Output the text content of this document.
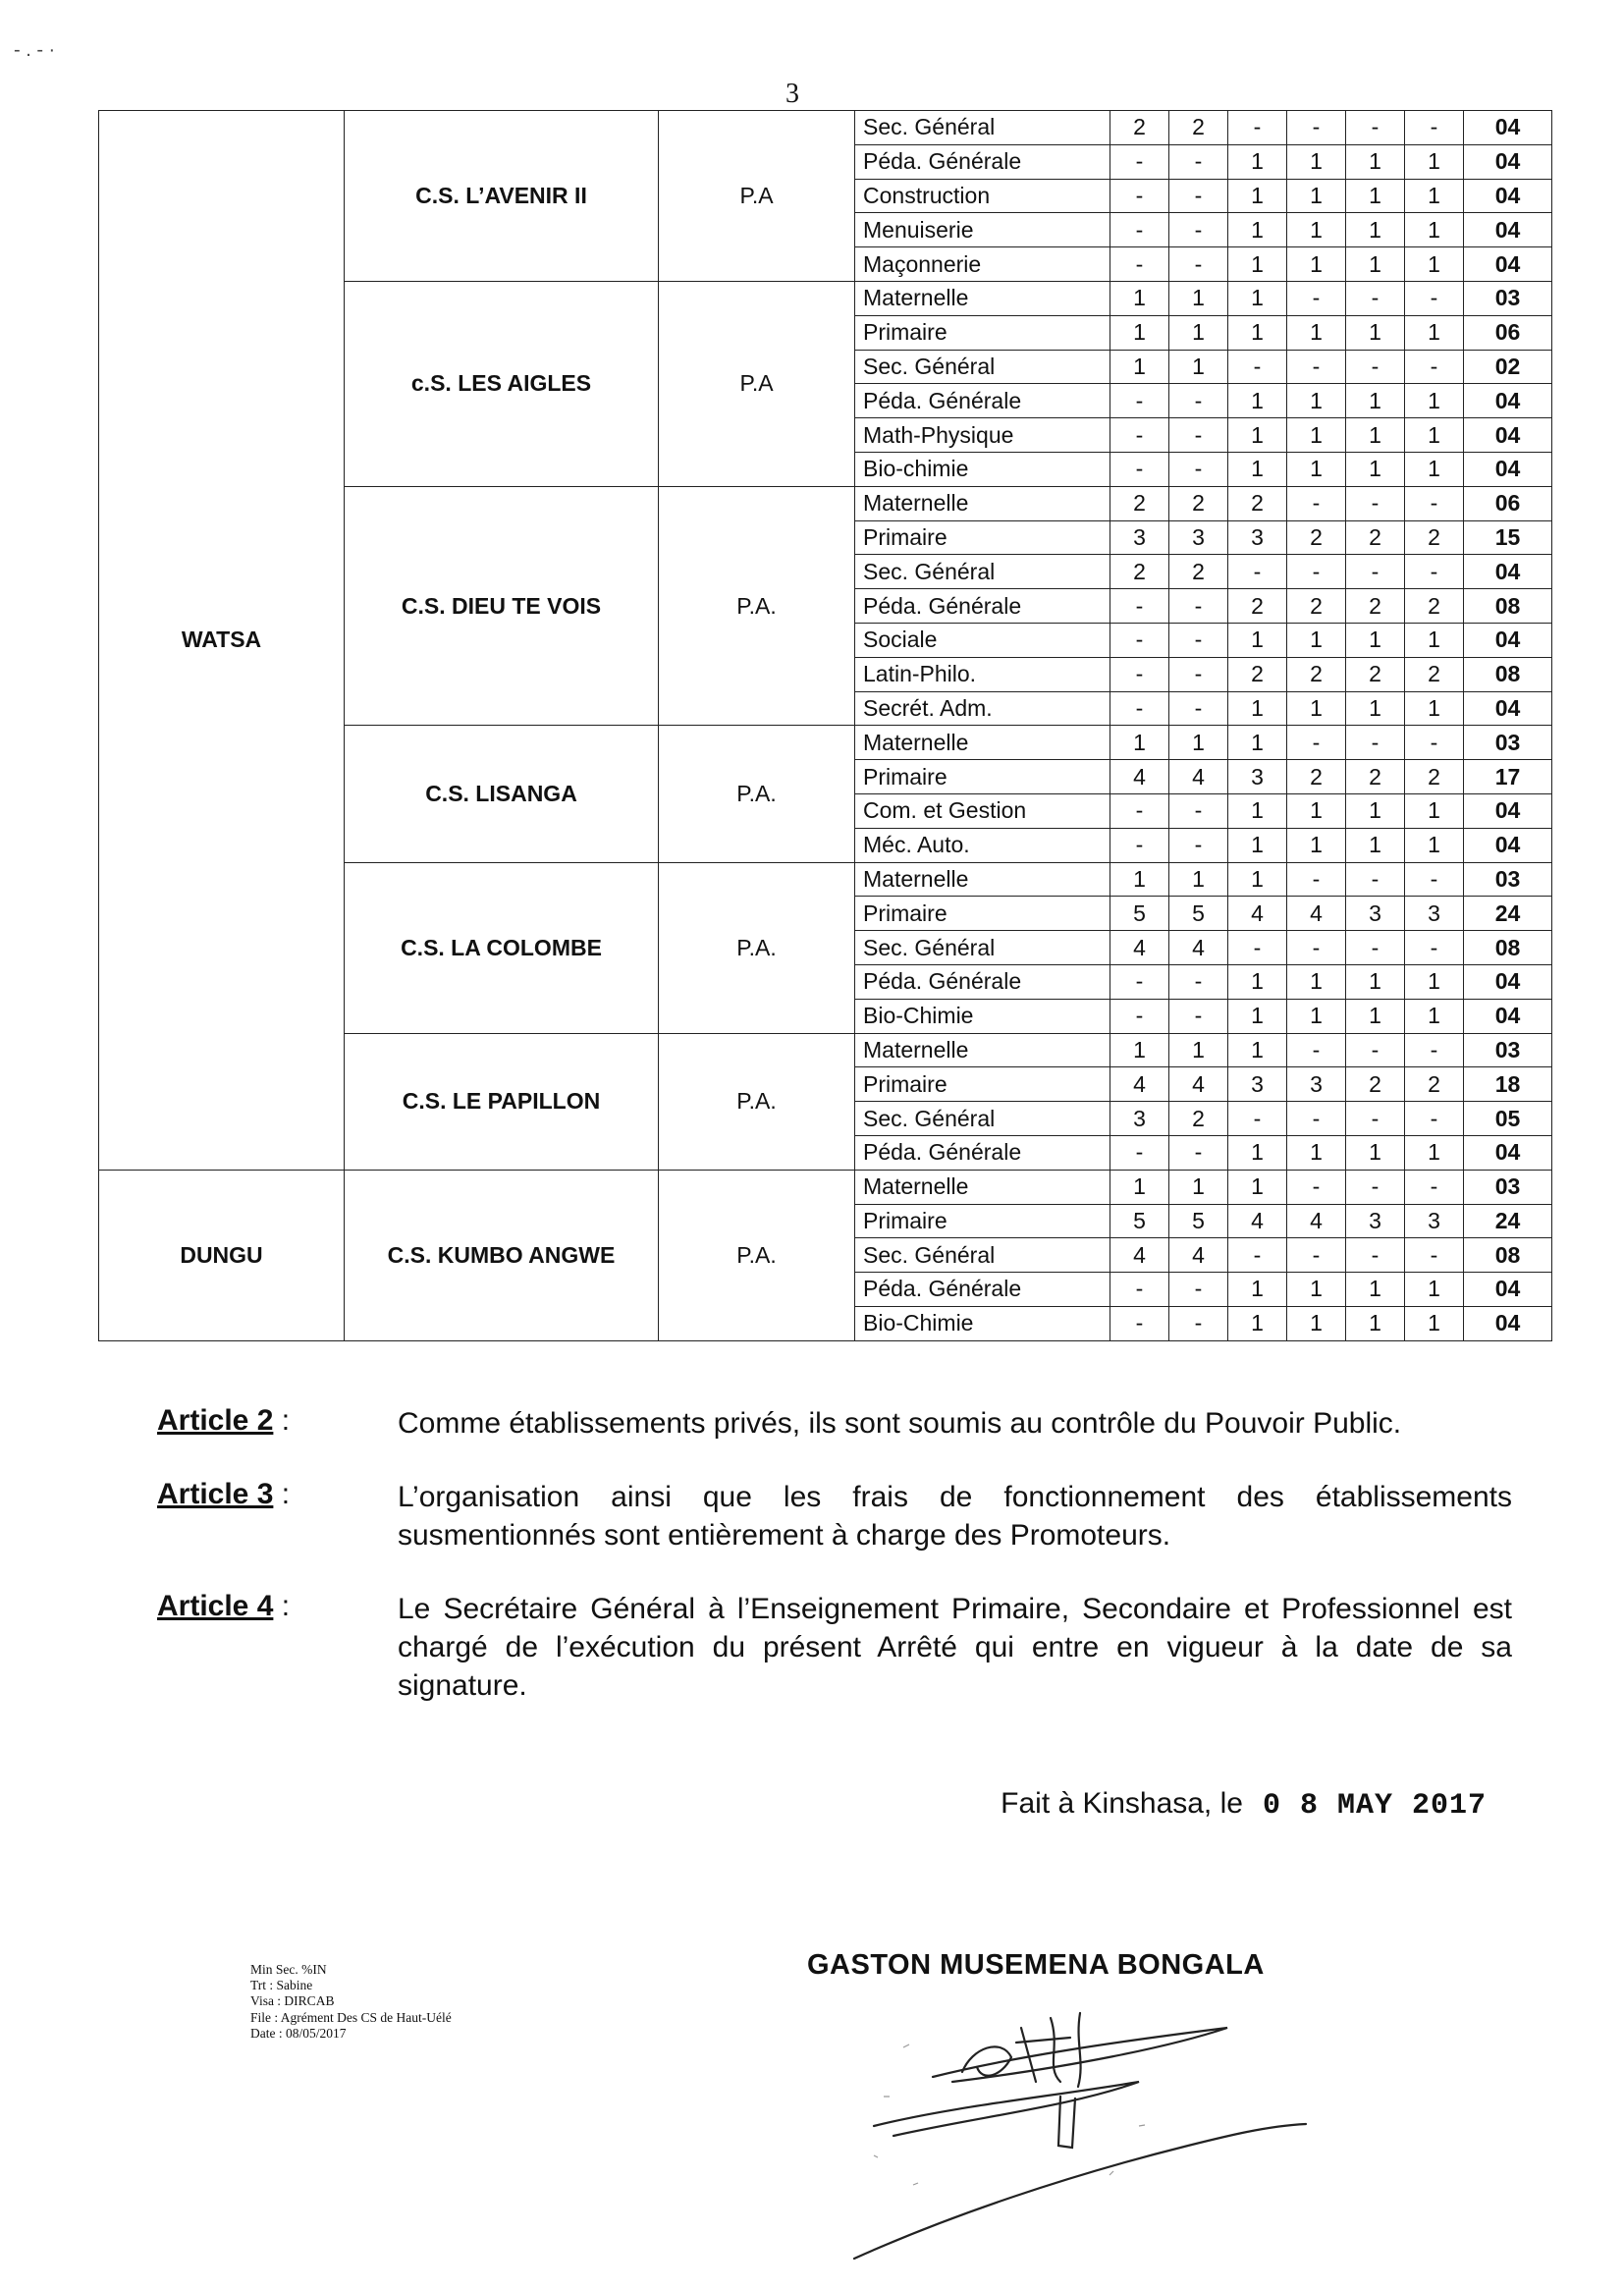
3
WATSA	C.S. L’AVENIR II	P.A	Sec. Général	2	2	-	-	-	-	04
			Péda. Générale	-	-	1	1	1	1	04
			Construction	-	-	1	1	1	1	04
			Menuiserie	-	-	1	1	1	1	04
			Maçonnerie	-	-	1	1	1	1	04
	c.S. LES AIGLES	P.A	Maternelle	1	1	1	-	-	-	03
			Primaire	1	1	1	1	1	1	06
			Sec. Général	1	1	-	-	-	-	02
			Péda. Générale	-	-	1	1	1	1	04
			Math-Physique	-	-	1	1	1	1	04
			Bio-chimie	-	-	1	1	1	1	04
	C.S. DIEU TE VOIS	P.A.	Maternelle	2	2	2	-	-	-	06
			Primaire	3	3	3	2	2	2	15
			Sec. Général	2	2	-	-	-	-	04
			Péda. Générale	-	-	2	2	2	2	08
			Sociale	-	-	1	1	1	1	04
			Latin-Philo.	-	-	2	2	2	2	08
			Secrét. Adm.	-	-	1	1	1	1	04
	C.S. LISANGA	P.A.	Maternelle	1	1	1	-	-	-	03
			Primaire	4	4	3	2	2	2	17
			Com. et Gestion	-	-	1	1	1	1	04
			Méc. Auto.	-	-	1	1	1	1	04
	C.S. LA COLOMBE	P.A.	Maternelle	1	1	1	-	-	-	03
			Primaire	5	5	4	4	3	3	24
			Sec. Général	4	4	-	-	-	-	08
			Péda. Générale	-	-	1	1	1	1	04
			Bio-Chimie	-	-	1	1	1	1	04
	C.S. LE PAPILLON	P.A.	Maternelle	1	1	1	-	-	-	03
			Primaire	4	4	3	3	2	2	18
			Sec. Général	3	2	-	-	-	-	05
			Péda. Générale	-	-	1	1	1	1	04
DUNGU	C.S. KUMBO ANGWE	P.A.	Maternelle	1	1	1	-	-	-	03
			Primaire	5	5	4	4	3	3	24
			Sec. Général	4	4	-	-	-	-	08
			Péda. Générale	-	-	1	1	1	1	04
			Bio-Chimie	-	-	1	1	1	1	04
Article 2 :	Comme établissements privés, ils sont soumis au contrôle du Pouvoir Public.
Article 3 :	L’organisation ainsi que les frais de fonctionnement des établissements susmentionnés sont entièrement à charge des Promoteurs.
Article 4 :	Le Secrétaire Général à l’Enseignement Primaire, Secondaire et Professionnel est chargé de l’exécution du présent Arrêté qui entre en vigueur à la date de sa signature.
Fait à Kinshasa, le 0 8 MAY 2017
Min Sec. %IN
Trt : Sabine
Visa : DIRCAB
File : Agrément Des CS de Haut-Uélé
Date : 08/05/2017
GASTON MUSEMENA BONGALA
- . - ·
